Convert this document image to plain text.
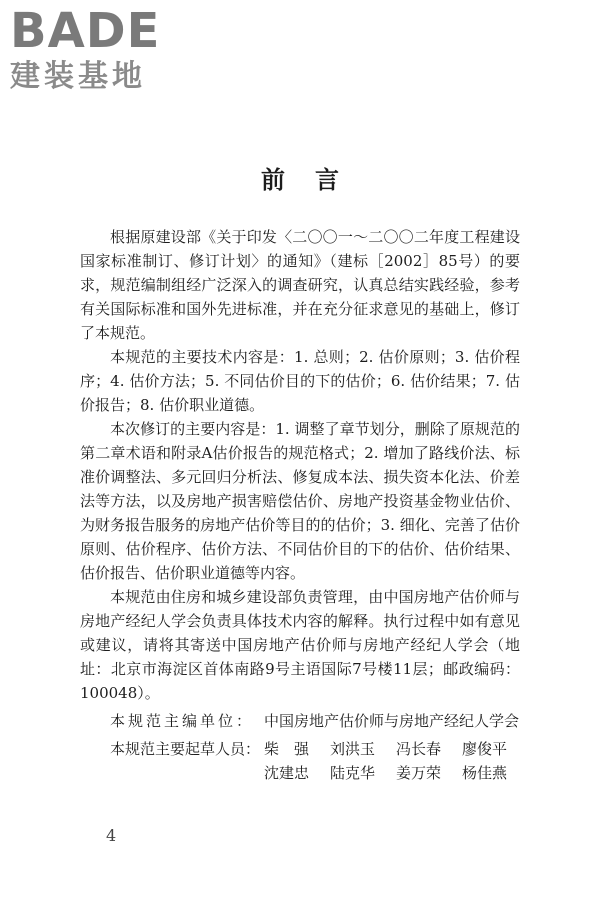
BADE
建装基地
前言

根据原建设部《关于印发〈二〇〇一～二〇〇二年度工程建设国家标准制订、修订计划〉的通知》（建标［2002］85号）的要求，规范编制组经广泛深入的调查研究，认真总结实践经验，参考有关国际标准和国外先进标准，并在充分征求意见的基础上，修订了本规范。

本规范的主要技术内容是：1. 总则；2. 估价原则；3. 估价程序；4. 估价方法；5. 不同估价目的下的估价；6. 估价结果；7. 估价报告；8. 估价职业道德。

本次修订的主要内容是：1. 调整了章节划分，删除了原规范的第二章术语和附录A估价报告的规范格式；2. 增加了路线价法、标准价调整法、多元回归分析法、修复成本法、损失资本化法、价差法等方法，以及房地产损害赔偿估价、房地产投资基金物业估价、为财务报告服务的房地产估价等目的的估价；3. 细化、完善了估价原则、估价程序、估价方法、不同估价目的下的估价、估价结果、估价报告、估价职业道德等内容。

本规范由住房和城乡建设部负责管理，由中国房地产估价师与房地产经纪人学会负责具体技术内容的解释。执行过程中如有意见或建议，请将其寄送中国房地产估价师与房地产经纪人学会（地址：北京市海淀区首体南路9号主语国际7号楼11层；邮政编码：100048）。

本规范主编单位： 中国房地产估价师与房地产经纪人学会
本规范主要起草人员： 柴　强	刘洪玉	冯长春	廖俊平
沈建忠	陆克华	姜万荣	杨佳燕
4
